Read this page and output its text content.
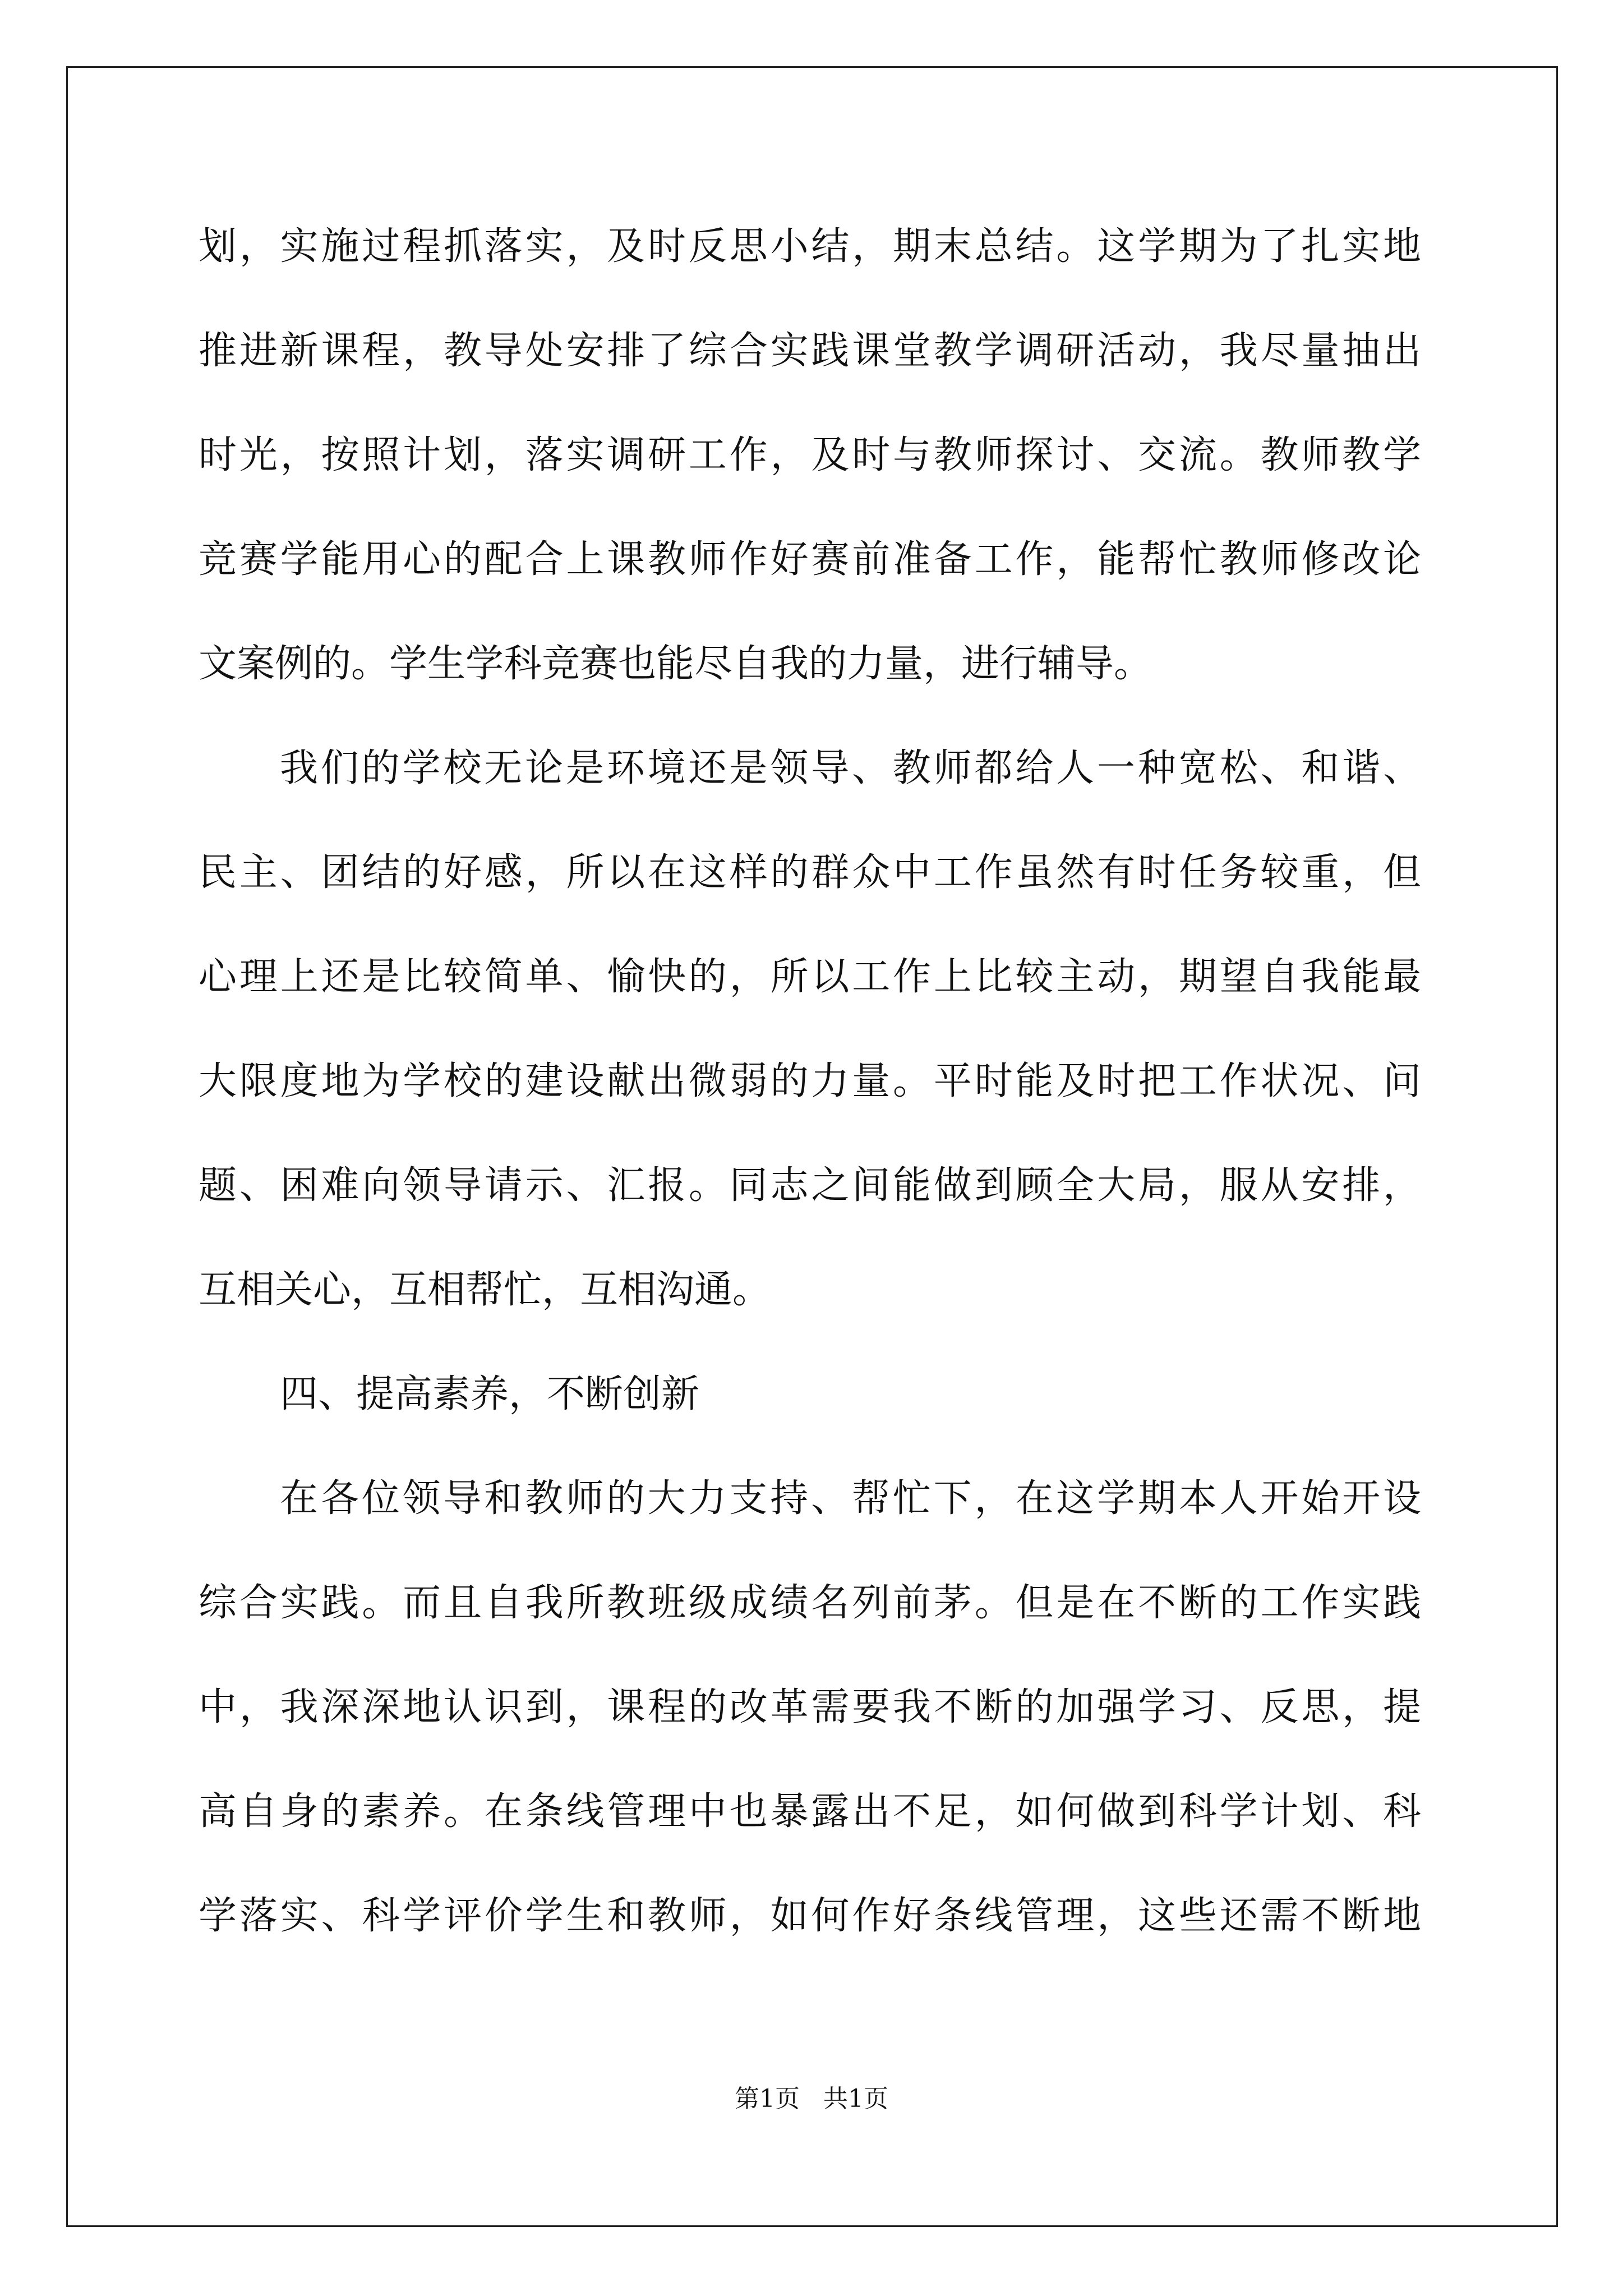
划，实施过程抓落实，及时反思小结，期末总结。这学期为了扎实地
推进新课程，教导处安排了综合实践课堂教学调研活动，我尽量抽出
时光，按照计划，落实调研工作，及时与教师探讨、交流。教师教学
竞赛学能用心的配合上课教师作好赛前准备工作，能帮忙教师修改论
文案例的。学生学科竞赛也能尽自我的力量，进行辅导。
我们的学校无论是环境还是领导、教师都给人一种宽松、和谐、
民主、团结的好感，所以在这样的群众中工作虽然有时任务较重，但
心理上还是比较简单、愉快的，所以工作上比较主动，期望自我能最
大限度地为学校的建设献出微弱的力量。平时能及时把工作状况、问
题、困难向领导请示、汇报。同志之间能做到顾全大局，服从安排，
互相关心，互相帮忙，互相沟通。
四、提高素养，不断创新
在各位领导和教师的大力支持、帮忙下，在这学期本人开始开设
综合实践。而且自我所教班级成绩名列前茅。但是在不断的工作实践
中，我深深地认识到，课程的改革需要我不断的加强学习、反思，提
高自身的素养。在条线管理中也暴露出不足，如何做到科学计划、科
学落实、科学评价学生和教师，如何作好条线管理，这些还需不断地
第1页 共1页
